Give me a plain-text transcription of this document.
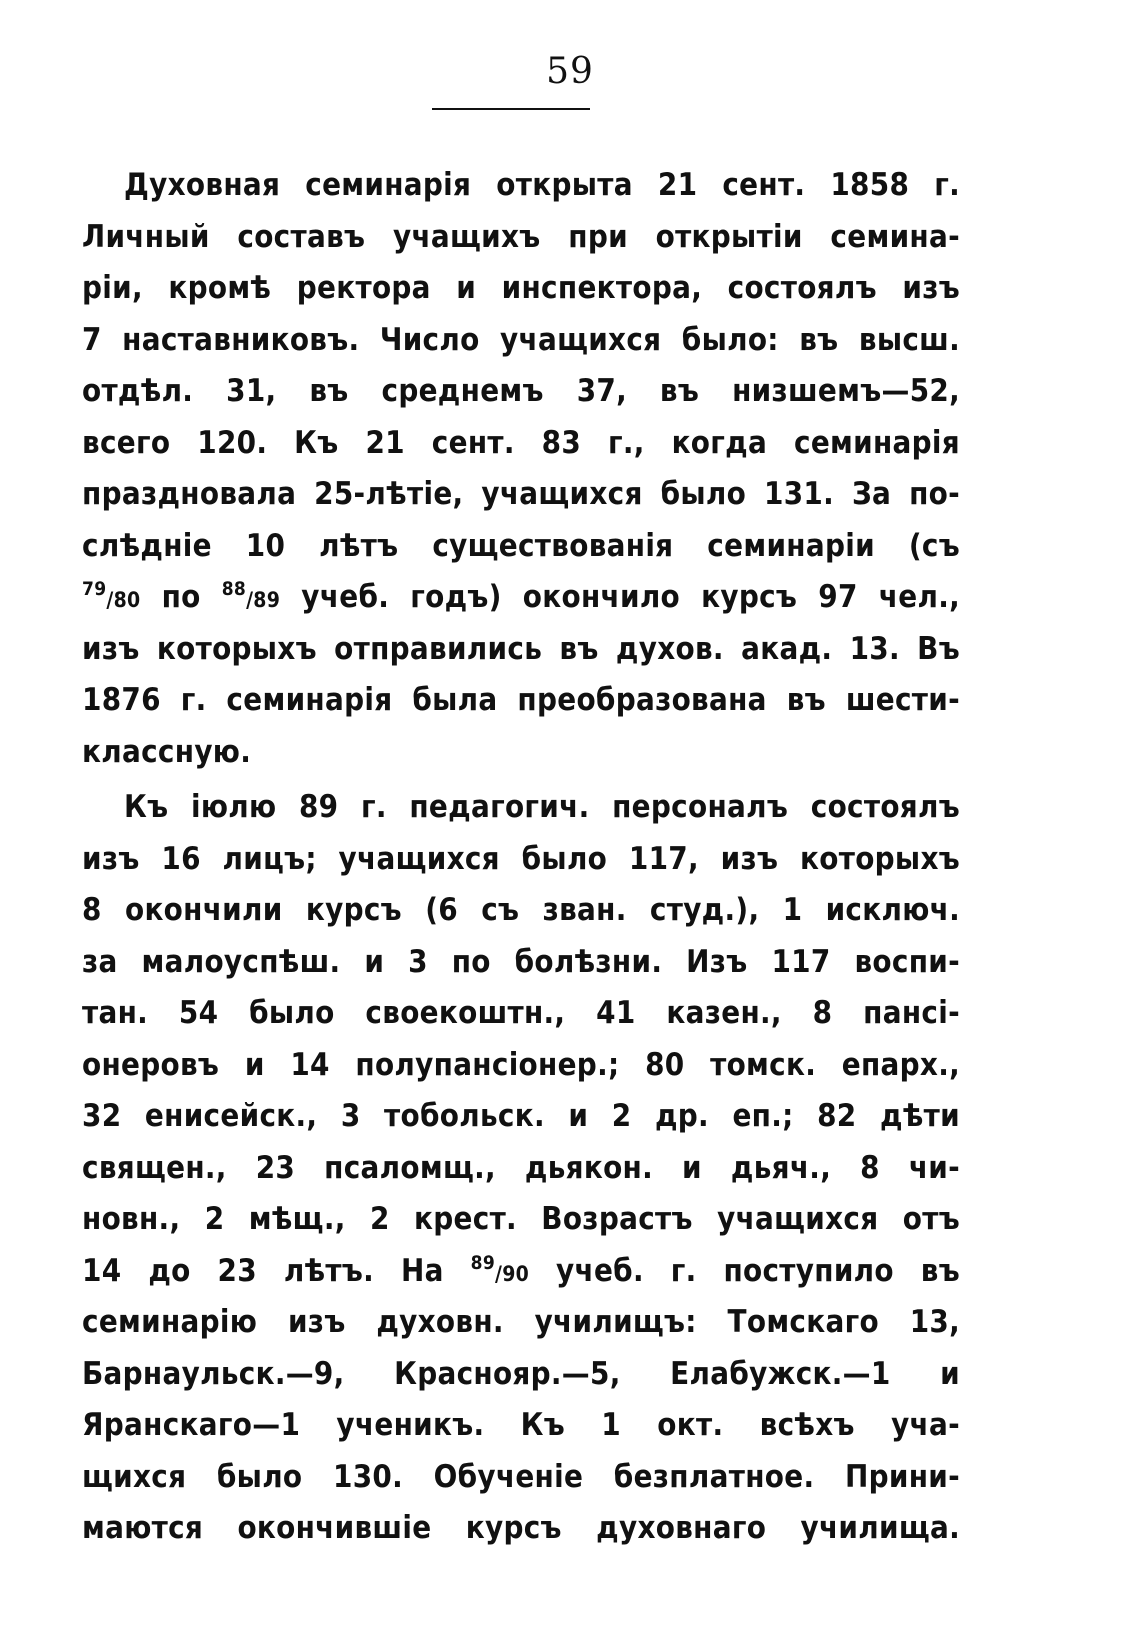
59
Духовная семинарія открыта 21 сент. 1858 г.
Личный составъ учащихъ при открытіи семина-
ріи, кромѣ ректора и инспектора, состоялъ изъ
7 наставниковъ. Число учащихся было: въ высш.
отдѣл. 31, въ среднемъ 37, въ низшемъ—52,
всего 120. Къ 21 сент. 83 г., когда семинарія
праздновала 25-лѣтіе, учащихся было 131. За по-
слѣдніе 10 лѣтъ существованія семинаріи (съ
$^{79}$/80 по $^{88}$/89 учеб. годъ) окончило курсъ 97 чел.,
изъ которыхъ отправились въ духов. акад. 13. Въ
1876 г. семинарія была преобразована въ шести-
классную.
Къ іюлю 89 г. педагогич. персоналъ состоялъ
изъ 16 лицъ; учащихся было 117, изъ которыхъ
8 окончили курсъ (6 съ зван. студ.), 1 исключ.
за малоуспѣш. и 3 по болѣзни. Изъ 117 воспи-
тан. 54 было своекоштн., 41 казен., 8 пансі-
онеровъ и 14 полупансіонер.; 80 томск. епарх.,
32 енисейск., 3 тобольск. и 2 др. еп.; 82 дѣти
священ., 23 псаломщ., дьякон. и дьяч., 8 чи-
новн., 2 мѣщ., 2 крест. Возрастъ учащихся отъ
14 до 23 лѣтъ. На $^{89}$/90 учеб. г. поступило въ
семинарію изъ духовн. училищъ: Томскаго 13,
Барнаульск.—9, Краснояр.—5, Елабужск.—1 и
Яранскаго—1 ученикъ. Къ 1 окт. всѣхъ уча-
щихся было 130. Обученіе безплатное. Прини-
маются окончившіе курсъ духовнаго училища.
